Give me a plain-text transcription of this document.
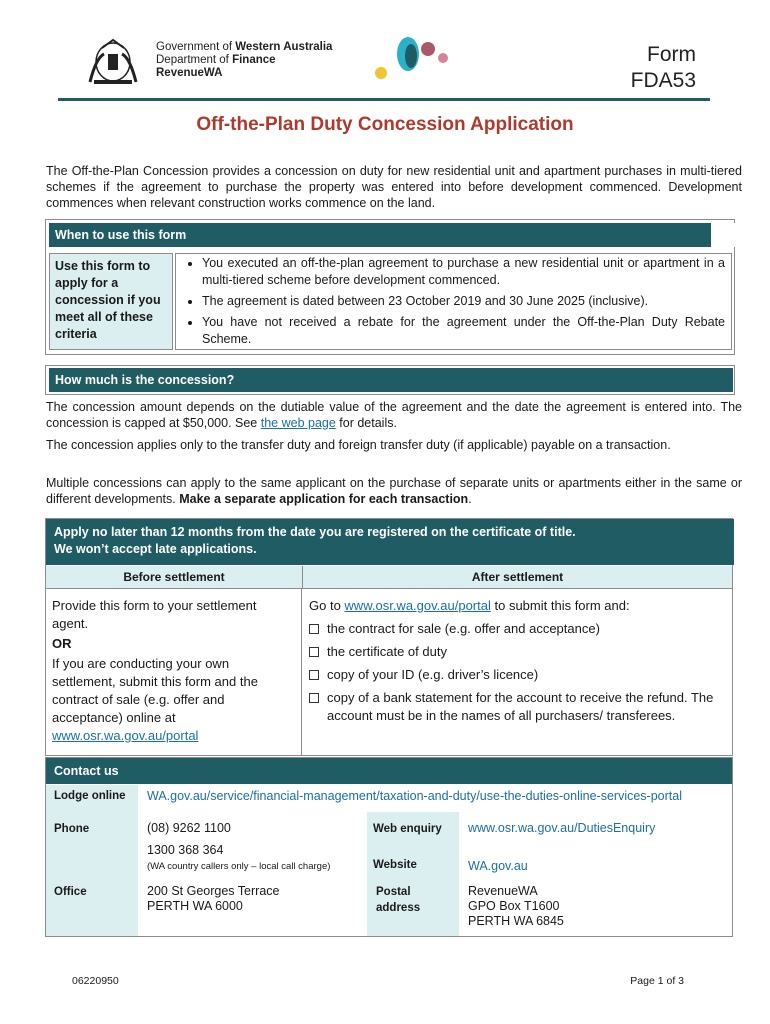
Government of Western Australia
Department of Finance
RevenueWA
Form
FDA53
Off-the-Plan Duty Concession Application
The Off-the-Plan Concession provides a concession on duty for new residential unit and apartment purchases in multi-tiered schemes if the agreement to purchase the property was entered into before development commenced. Development commences when relevant construction works commence on the land.
When to use this form
Use this form to apply for a concession if you meet all of these criteria
• You executed an off-the-plan agreement to purchase a new residential unit or apartment in a multi-tiered scheme before development commenced.
• The agreement is dated between 23 October 2019 and 30 June 2025 (inclusive).
• You have not received a rebate for the agreement under the Off-the-Plan Duty Rebate Scheme.
How much is the concession?
The concession amount depends on the dutiable value of the agreement and the date the agreement is entered into. The concession is capped at $50,000. See the web page for details.
The concession applies only to the transfer duty and foreign transfer duty (if applicable) payable on a transaction.
Multiple concessions can apply to the same applicant on the purchase of separate units or apartments either in the same or different developments. Make a separate application for each transaction.
Apply no later than 12 months from the date you are registered on the certificate of title.
We won’t accept late applications.
Before settlement	After settlement
Provide this form to your settlement agent.
OR
If you are conducting your own settlement, submit this form and the contract of sale (e.g. offer and acceptance) online at www.osr.wa.gov.au/portal
Go to www.osr.wa.gov.au/portal to submit this form and:
the contract for sale (e.g. offer and acceptance)
the certificate of duty
copy of your ID (e.g. driver’s licence)
copy of a bank statement for the account to receive the refund. The account must be in the names of all purchasers/ transferees.
Contact us
Lodge online WA.gov.au/service/financial-management/taxation-and-duty/use-the-duties-online-services-portal
Phone	(08) 9262 1100
1300 368 364
(WA country callers only – local call charge)
Web enquiry www.osr.wa.gov.au/DutiesEnquiry
Website	WA.gov.au
Office	200 St Georges Terrace
PERTH WA 6000
Postal
address
RevenueWA
GPO Box T1600
PERTH WA 6845
06220950	Page 1 of 3
